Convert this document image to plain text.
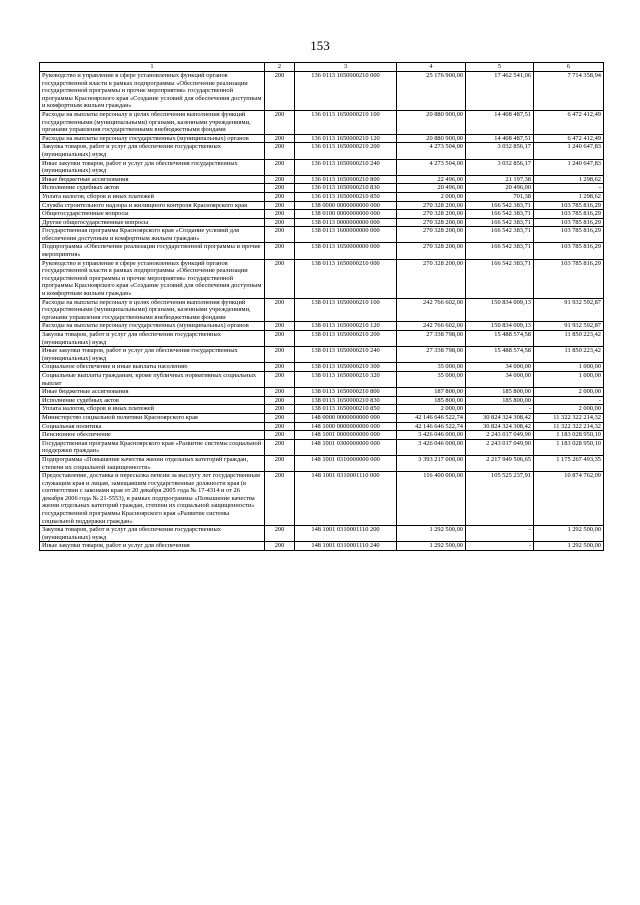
153
1	2	3	4	5	6
Руководство и управление в сфере установленных функций органов государственной власти в рамках подпрограммы «Обеспечение реализации государственной программы и прочие мероприятия» государственной программы Красноярского края «Создание условий для обеспечения доступным и комфортным жильем граждан»	200	136 0113 1650000210 000	25 176 900,00	17 462 541,06	7 714 358,94
Расходы на выплаты персоналу в целях обеспечения выполнения функций государственными (муниципальными) органами, казенными учреждениями, органами управления государственными внебюджетными фондами	200	136 0113 1650000210 100	20 880 900,00	14 408 487,51	6 472 412,49
Расходы на выплаты персоналу государственных (муниципальных) органов	200	136 0113 1650000210 120	20 880 900,00	14 408 487,51	6 472 412,49
Закупка товаров, работ и услуг для обеспечения государственных (муниципальных) нужд	200	136 0113 1650000210 200	4 273 504,00	3 032 856,17	1 240 647,83
Иные закупки товаров, работ и услуг для обеспечения государственных (муниципальных) нужд	200	136 0113 1650000210 240	4 273 504,00	3 032 856,17	1 240 647,83
Иные бюджетные ассигнования	200	136 0113 1650000210 800	22 496,00	21 197,38	1 298,62
Исполнение судебных актов	200	136 0113 1650000210 830	20 496,00	20 496,00	-
Уплата налогов, сборов и иных платежей	200	136 0113 1650000210 850	2 000,00	701,38	1 298,62
Служба строительного надзора и жилищного контроля Красноярского края	200	138 0000 0000000000 000	270 328 200,00	166 542 383,71	103 785 816,29
Общегосударственные вопросы	200	138 0100 0000000000 000	270 328 200,00	166 542 383,71	103 785 816,29
Другие общегосударственные вопросы	200	138 0113 0000000000 000	270 328 200,00	166 542 383,71	103 785 816,29
Государственная программа Красноярского края «Создание условий для обеспечения доступным и комфортным жильем граждан»	200	138 0113 1600000000 000	270 328 200,00	166 542 383,71	103 785 816,29
Подпрограмма «Обеспечение реализации государственной программы и прочие мероприятия»	200	138 0113 1650000000 000	270 328 200,00	166 542 383,71	103 785 816,29
Руководство и управление в сфере установленных функций органов государственной власти в рамках подпрограммы «Обеспечение реализации государственной программы и прочие мероприятия» государственной программы Красноярского края «Создание условий для обеспечения доступным и комфортным жильем граждан»	200	138 0113 1650000210 000	270 328 200,00	166 542 383,71	103 785 816,29
Расходы на выплаты персоналу в целях обеспечения выполнения функций государственными (муниципальными) органами, казенными учреждениями, органами управления государственными внебюджетными фондами	200	138 0113 1650000210 100	242 766 602,00	150 834 009,13	91 932 592,87
Расходы на выплаты персоналу государственных (муниципальных) органов	200	138 0113 1650000210 120	242 766 602,00	150 834 009,13	91 932 592,87
Закупка товаров, работ и услуг для обеспечения государственных (муниципальных) нужд	200	138 0113 1650000210 200	27 338 798,00	15 488 574,58	11 850 223,42
Иные закупки товаров, работ и услуг для обеспечения государственных (муниципальных) нужд	200	138 0113 1650000210 240	27 338 798,00	15 488 574,58	11 850 223,42
Социальное обеспечение и иные выплаты населению	200	138 0113 1650000210 300	35 000,00	34 000,00	1 000,00
Социальные выплаты гражданам, кроме публичных нормативных социальных выплат	200	138 0113 1650000210 320	35 000,00	34 000,00	1 000,00
Иные бюджетные ассигнования	200	138 0113 1650000210 800	187 800,00	185 800,00	2 000,00
Исполнение судебных актов	200	138 0113 1650000210 830	185 800,00	185 800,00	-
Уплата налогов, сборов и иных платежей	200	138 0113 1650000210 850	2 000,00	-	2 000,00
Министерство социальной политики Красноярского края	200	148 0000 0000000000 000	42 146 646 522,74	30 824 324 308,42	11 322 322 214,32
Социальная политика	200	148 1000 0000000000 000	42 146 646 522,74	30 824 324 308,42	11 322 322 214,32
Пенсионное обеспечение	200	148 1001 0000000000 000	3 426 046 000,00	2 243 017 049,90	1 183 028 950,10
Государственная программа Красноярского края «Развитие системы социальной поддержки граждан»	200	148 1001 0300000000 000	3 426 046 000,00	2 243 017 049,90	1 183 028 950,10
Подпрограмма «Повышение качества жизни отдельных категорий граждан, степени их социальной защищенности»	200	148 1001 0310000000 000	3 393 217 000,00	2 217 949 506,65	1 175 267 493,35
Предоставление, доставка и пересылка пенсии за выслугу лет государственным служащим края и лицам, замещавшим государственные должности края (в соответствии с законами края от 20 декабря 2005 года № 17-4314 и от 26 декабря 2006 года № 21-5553), в рамках подпрограммы «Повышение качества жизни отдельных категорий граждан, степени их социальной защищенности» государственной программы Красноярского края «Развитие системы социальной поддержки граждан»	200	148 1001 0310001110 000	116 400 000,00	105 525 237,91	10 874 762,09
Закупка товаров, работ и услуг для обеспечения государственных (муниципальных) нужд	200	148 1001 0310001110 200	1 292 500,00	-	1 292 500,00
Иные закупки товаров, работ и услуг для обеспечения	200	148 1001 0310001110 240	1 292 500,00	-	1 292 500,00
